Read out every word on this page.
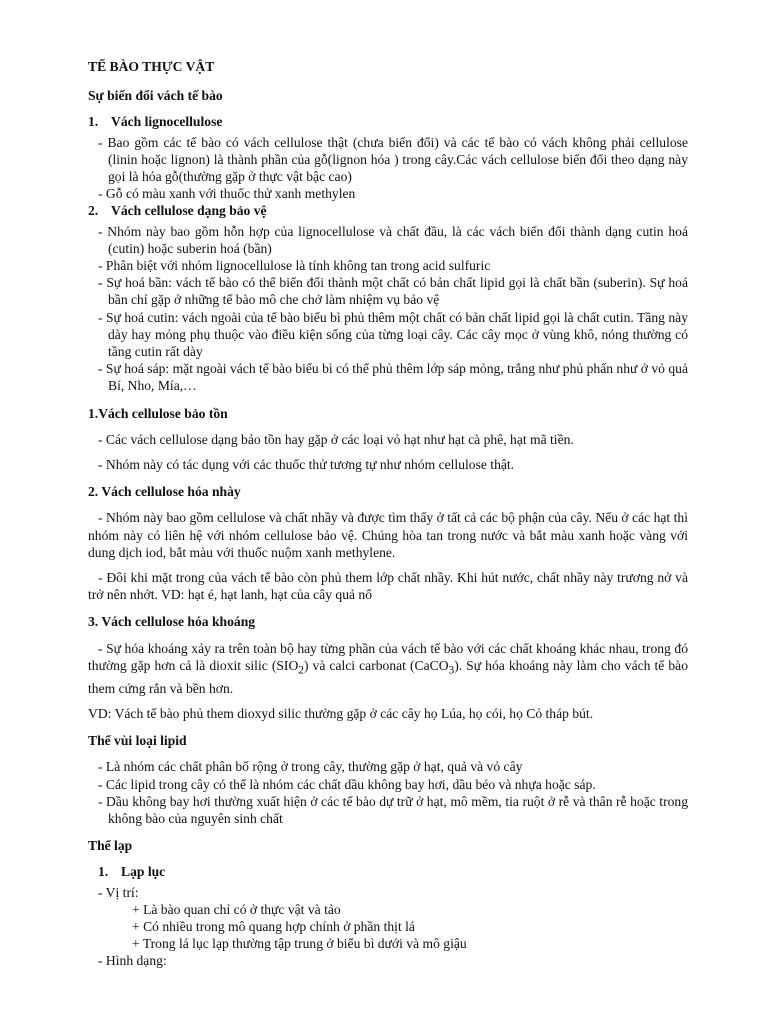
TẾ BÀO THỰC VẬT
Sự biến đổi vách tế bào
1. Vách lignocellulose

- Bao gồm các tế bào có vách cellulose thật (chưa biến đổi) và các tế bào có vách không phải cellulose (linin hoặc lignon) là thành phần của gỗ(lignon hóa ) trong cây.Các vách cellulose biến đổi theo dạng này gọi là hóa gỗ(thường gặp ở thực vật bậc cao)

- Gỗ có màu xanh với thuốc thử xanh methylen

2. Vách cellulose dạng bảo vệ

- Nhóm này bao gồm hỗn hợp của lignocellulose và chất đầu, là các vách biến đổi thành dạng cutin hoá (cutin) hoặc suberin hoá (bần)

- Phân biệt với nhóm lignocellulose là tính không tan trong acid sulfuric

- Sự hoá bần: vách tế bào có thể biến đổi thành một chất có bản chất lipid gọi là chất bần (suberin). Sự hoá bần chỉ gặp ở những tế bào mô che chở làm nhiệm vụ bảo vệ

- Sự hoá cutin: vách ngoài của tế bào biểu bì phủ thêm một chất có bản chất lipid gọi là chất cutin. Tầng này dày hay mỏng phụ thuộc vào điều kiện sống của từng loại cây. Các cây mọc ở vùng khô, nóng thường có tầng cutin rất dày

- Sự hoá sáp: mặt ngoài vách tế bào biểu bì có thể phủ thêm lớp sáp mỏng, trắng như phủ phấn như ở vỏ quả Bí, Nho, Mía,…

1.Vách cellulose bảo tồn

- Các vách cellulose dạng bảo tồn hay gặp ở các loại vỏ hạt như hạt cà phê, hạt mã tiền.

- Nhóm này có tác dụng với các thuốc thử tương tự như nhóm cellulose thật.

2. Vách cellulose hóa nhày

- Nhóm này bao gồm cellulose và chất nhầy và được tìm thấy ở tất cả các bộ phận của cây. Nếu ở các hạt thì nhóm này có liên hệ với nhóm cellulose bảo vệ. Chúng hòa tan trong nước và bắt màu xanh hoặc vàng với dung dịch iod, bắt màu với thuốc nuộm xanh methylene.

- Đôi khi mặt trong của vách tế bào còn phủ them lớp chất nhầy. Khi hút nước, chất nhầy này trương nở và trở nên nhớt. VD: hạt é, hạt lanh, hạt của cây quả nổ

3. Vách cellulose hóa khoáng

- Sự hóa khoáng xảy ra trên toàn bộ hay từng phần của vách tế bào với các chất khoáng khác nhau, trong đó thường gặp hơn cả là dioxit silic $(SIO_2)$ và calci carbonat (CaCO$_3$). Sự hóa khoáng này làm cho vách tế bào them cứng rắn và bền hơn.

VD: Vách tế bào phủ them dioxyd silic thường gặp ở các cây họ Lúa, họ cói, họ Cỏ tháp bút.

Thể vùi loại lipid

- Là nhóm các chất phân bố rộng ở trong cây, thường gặp ở hạt, quả và vỏ cây

- Các lipid trong cây có thể là nhóm các chất dầu không bay hơi, dầu béo và nhựa hoặc sáp.

- Dầu không bay hơi thường xuất hiện ở các tế bào dự trữ ở hạt, mô mềm, tia ruột ở rễ và thân rễ hoặc trong không bào của nguyên sinh chất

Thể lạp
1. Lạp lục

- Vị trí:

+ Là bào quan chỉ có ở thực vật và tảo

+ Có nhiều trong mô quang hợp chính ở phần thịt lá

+ Trong lá lục lạp thường tập trung ở biểu bì dưới và mô giậu

- Hình dạng:
